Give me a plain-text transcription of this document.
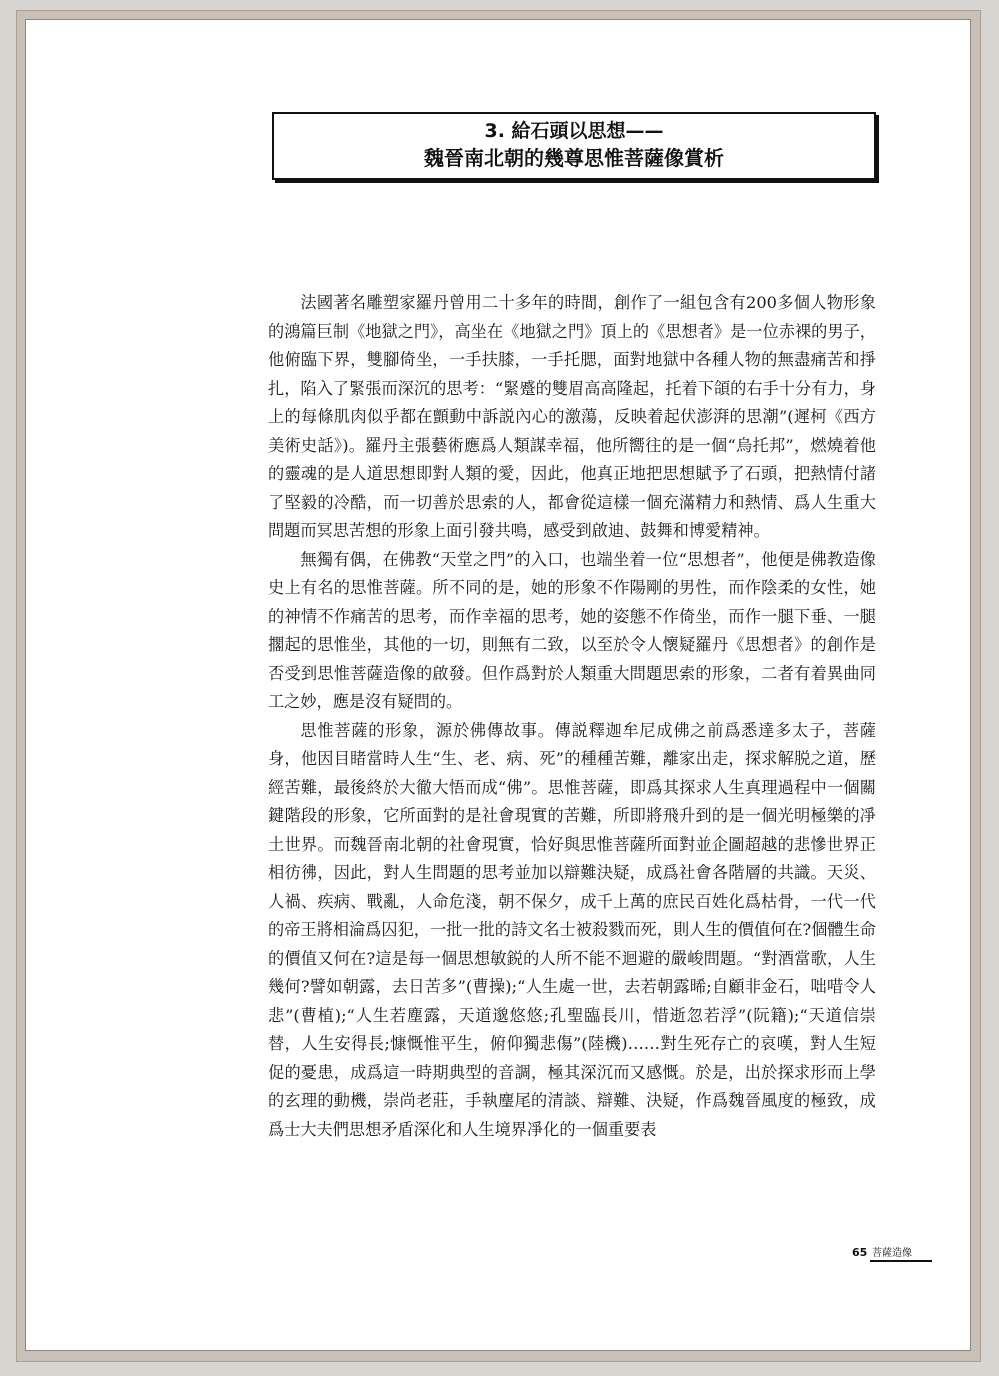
3. 給石頭以思想——
魏晉南北朝的幾尊思惟菩薩像賞析

法國著名雕塑家羅丹曾用二十多年的時間，創作了一組包含有200多個人物形象的鴻篇巨制《地獄之門》，高坐在《地獄之門》頂上的《思想者》是一位赤裸的男子，他俯臨下界，雙腳倚坐，一手扶膝，一手托腮，面對地獄中各種人物的無盡痛苦和掙扎，陷入了緊張而深沉的思考：“緊蹙的雙眉高高隆起，托着下頜的右手十分有力，身上的每條肌肉似乎都在顫動中訴説內心的激蕩，反映着起伏澎湃的思潮”(遲柯《西方美術史話》)。羅丹主張藝術應爲人類謀幸福，他所嚮往的是一個“烏托邦”，燃燒着他的靈魂的是人道思想即對人類的愛，因此，他真正地把思想賦予了石頭，把熱情付諸了堅毅的冷酷，而一切善於思索的人，都會從這樣一個充滿精力和熱情、爲人生重大問題而冥思苦想的形象上面引發共鳴，感受到啟迪、鼓舞和博愛精神。

無獨有偶，在佛教“天堂之門”的入口，也端坐着一位“思想者”，他便是佛教造像史上有名的思惟菩薩。所不同的是，她的形象不作陽剛的男性，而作陰柔的女性，她的神情不作痛苦的思考，而作幸福的思考，她的姿態不作倚坐，而作一腿下垂、一腿擱起的思惟坐，其他的一切，則無有二致，以至於令人懷疑羅丹《思想者》的創作是否受到思惟菩薩造像的啟發。但作爲對於人類重大問題思索的形象，二者有着異曲同工之妙，應是沒有疑問的。

思惟菩薩的形象，源於佛傳故事。傳説釋迦牟尼成佛之前爲悉達多太子，菩薩身，他因目睹當時人生“生、老、病、死”的種種苦難，離家出走，探求解脱之道，歷經苦難，最後終於大徹大悟而成“佛”。思惟菩薩，即爲其探求人生真理過程中一個關鍵階段的形象，它所面對的是社會現實的苦難，所即將飛升到的是一個光明極樂的凈土世界。而魏晉南北朝的社會現實，恰好與思惟菩薩所面對並企圖超越的悲慘世界正相彷彿，因此，對人生問題的思考並加以辯難決疑，成爲社會各階層的共識。天災、人禍、疾病、戰亂，人命危淺，朝不保夕，成千上萬的庶民百姓化爲枯骨，一代一代的帝王將相淪爲囚犯，一批一批的詩文名士被殺戮而死，則人生的價值何在?個體生命的價值又何在?這是每一個思想敏鋭的人所不能不迴避的嚴峻問題。“對酒當歌，人生幾何?譬如朝露，去日苦多”(曹操);“人生處一世，去若朝露晞;自顧非金石，咄唶令人悲”(曹植);“人生若塵露，天道邈悠悠;孔聖臨長川，惜逝忽若浮”(阮籍);“天道信崇替，人生安得長;慷慨惟平生，俯仰獨悲傷”(陸機)……對生死存亡的哀嘆，對人生短促的憂患，成爲這一時期典型的音調，極其深沉而又感慨。於是，出於探求形而上學的玄理的動機，崇尚老莊，手執麈尾的清談、辯難、決疑，作爲魏晉風度的極致，成爲士大夫們思想矛盾深化和人生境界凈化的一個重要表

65 菩薩造像
